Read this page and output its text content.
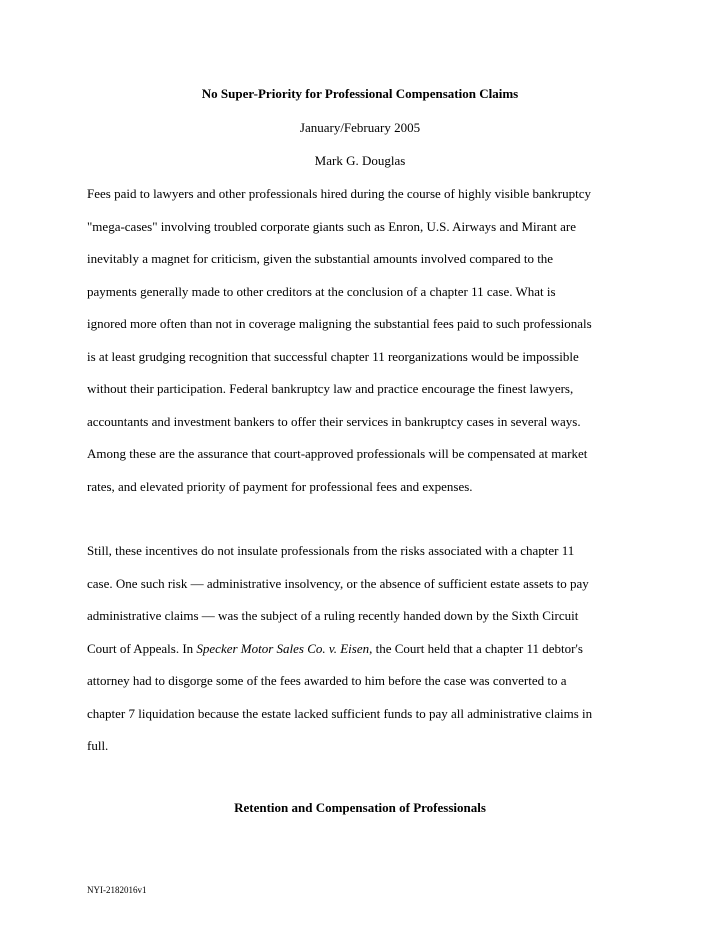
No Super-Priority for Professional Compensation Claims
January/February 2005
Mark G. Douglas
Fees paid to lawyers and other professionals hired during the course of highly visible bankruptcy
"mega-cases" involving troubled corporate giants such as Enron, U.S. Airways and Mirant are
inevitably a magnet for criticism, given the substantial amounts involved compared to the
payments generally made to other creditors at the conclusion of a chapter 11 case. What is
ignored more often than not in coverage maligning the substantial fees paid to such professionals
is at least grudging recognition that successful chapter 11 reorganizations would be impossible
without their participation. Federal bankruptcy law and practice encourage the finest lawyers,
accountants and investment bankers to offer their services in bankruptcy cases in several ways.
Among these are the assurance that court-approved professionals will be compensated at market
rates, and elevated priority of payment for professional fees and expenses.
Still, these incentives do not insulate professionals from the risks associated with a chapter 11
case. One such risk ― administrative insolvency, or the absence of sufficient estate assets to pay
administrative claims ― was the subject of a ruling recently handed down by the Sixth Circuit
Court of Appeals. In Specker Motor Sales Co. v. Eisen, the Court held that a chapter 11 debtor's
attorney had to disgorge some of the fees awarded to him before the case was converted to a
chapter 7 liquidation because the estate lacked sufficient funds to pay all administrative claims in
full.
Retention and Compensation of Professionals
NYI-2182016v1
